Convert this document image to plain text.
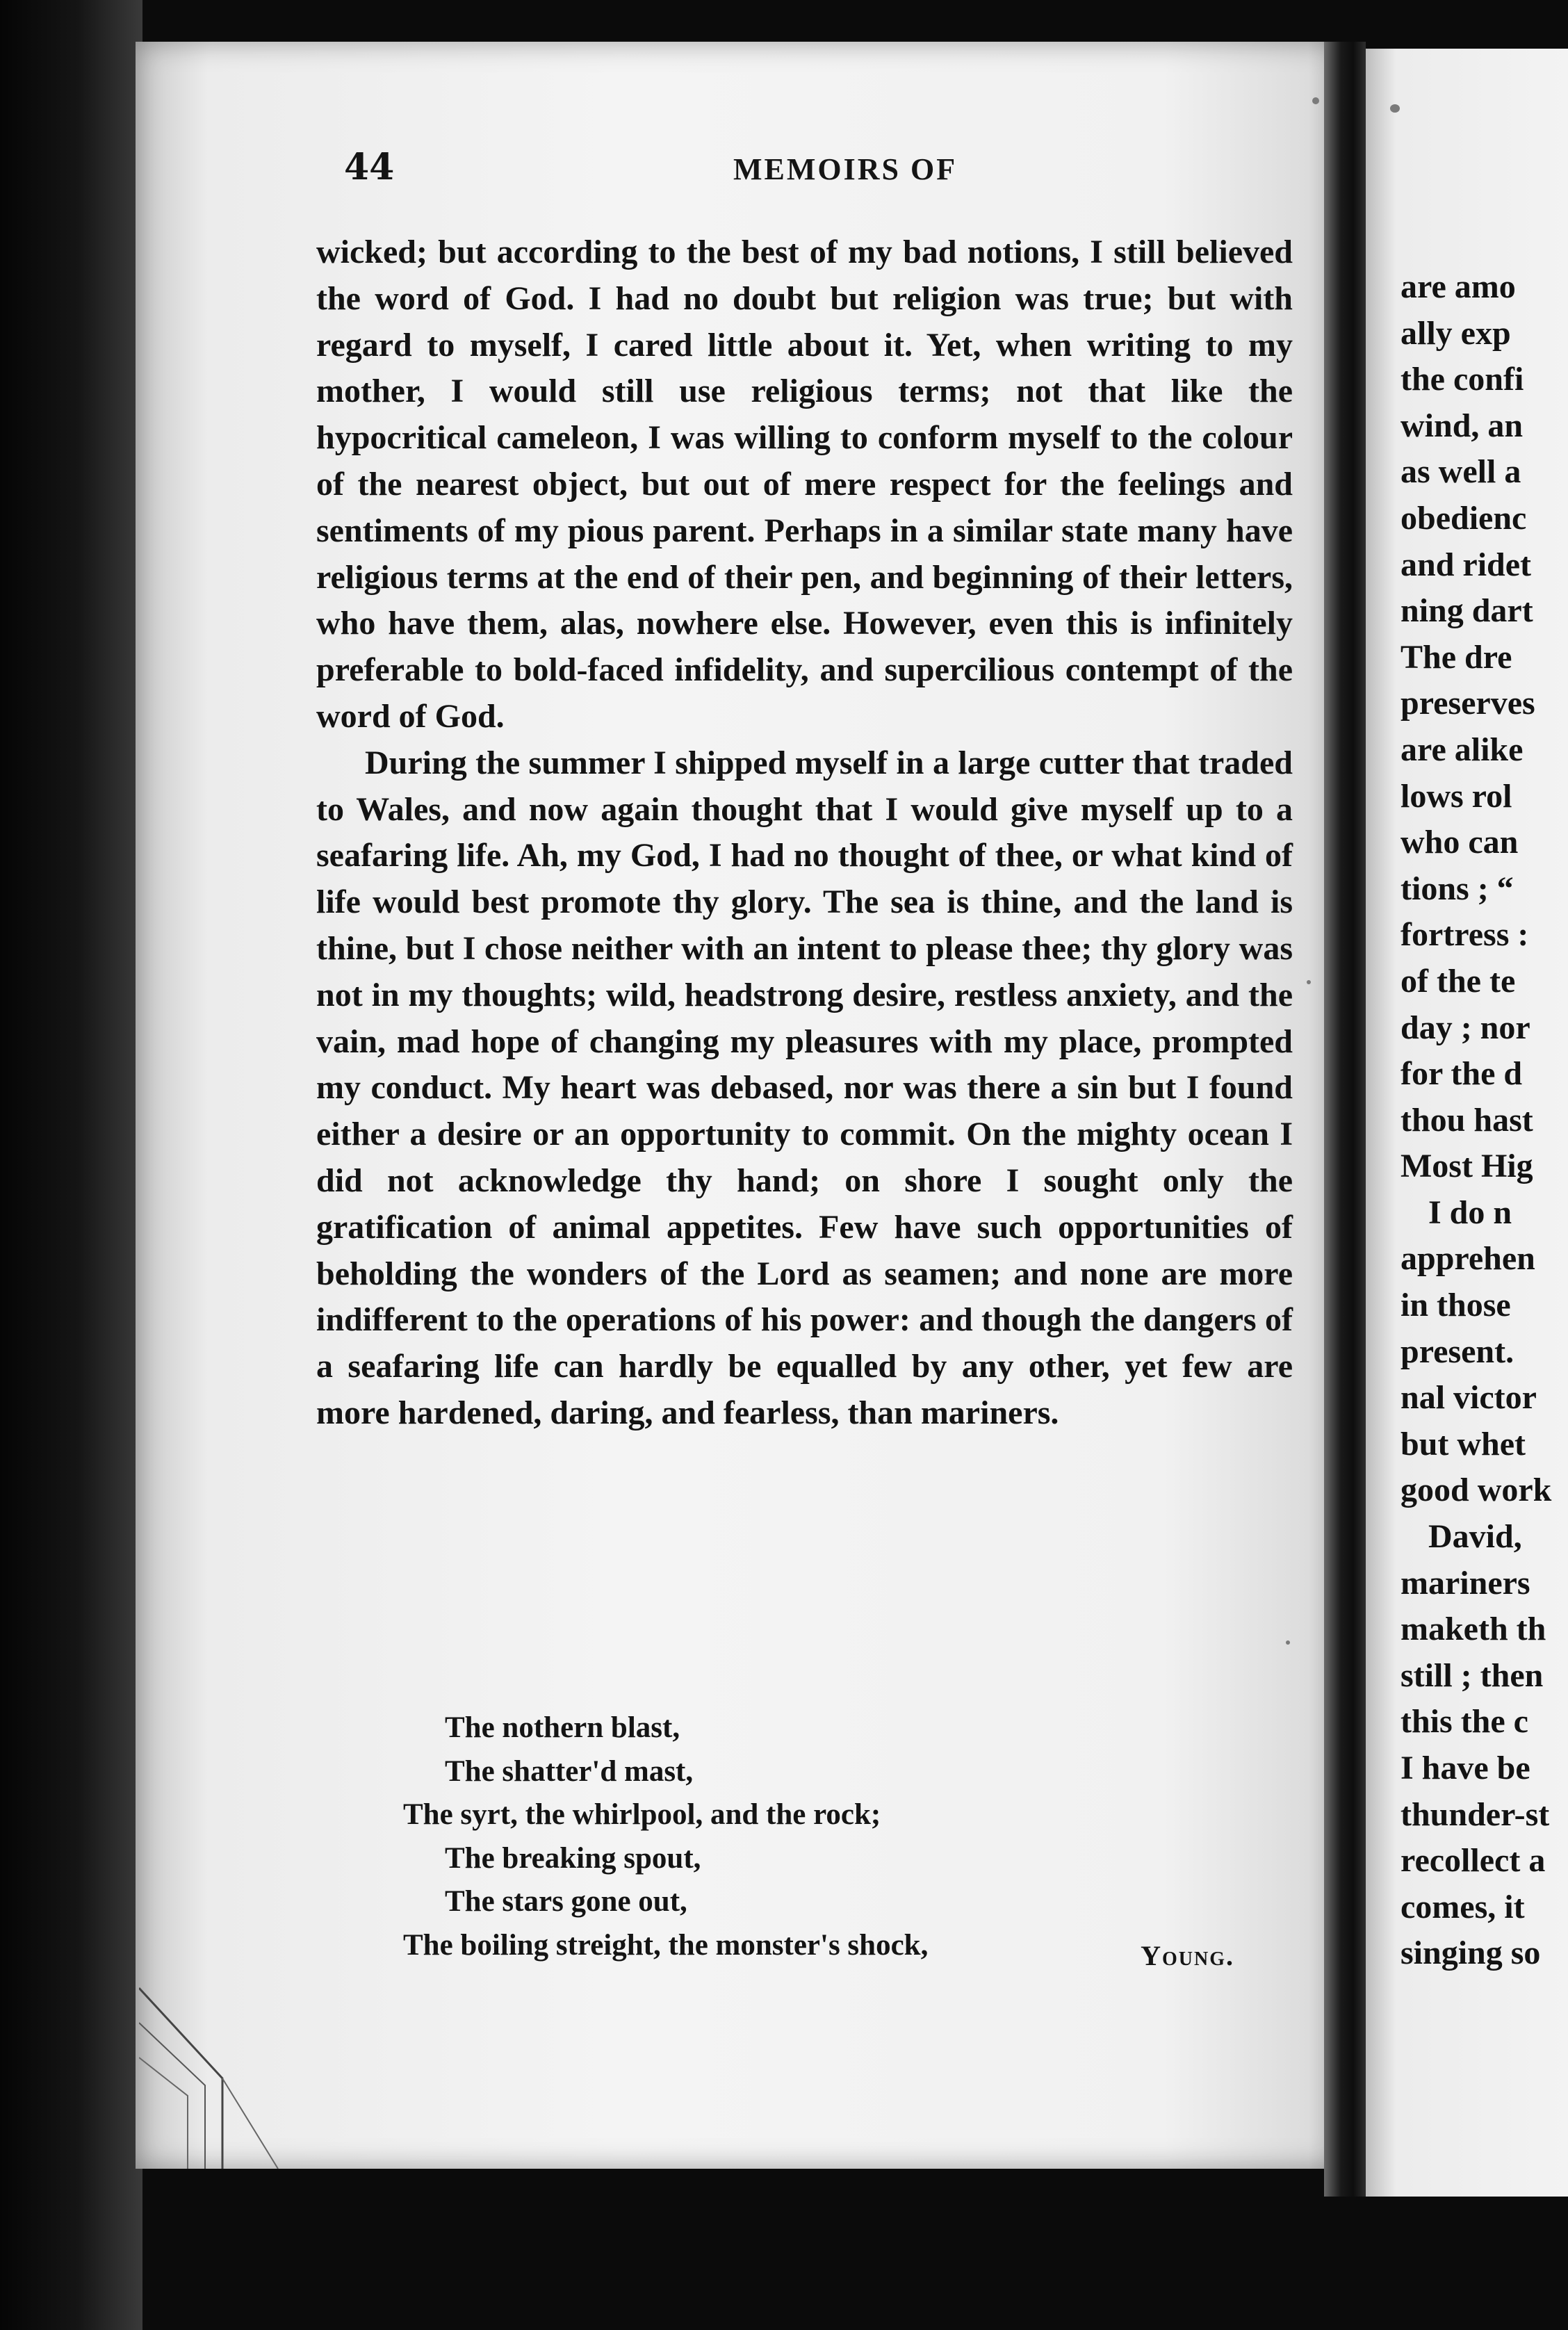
44	MEMOIRS OF

wicked; but according to the best of my bad notions, I still believed the word of God. I had no doubt but religion was true; but with regard to myself, I cared little about it. Yet, when writing to my mother, I would still use religious terms; not that like the hypocritical cameleon, I was willing to conform myself to the colour of the nearest object, but out of mere respect for the feelings and sentiments of my pious parent. Perhaps in a similar state many have religious terms at the end of their pen, and beginning of their letters, who have them, alas, nowhere else. However, even this is infinitely preferable to bold-faced infidelity, and supercilious contempt of the word of God.

During the summer I shipped myself in a large cutter that traded to Wales, and now again thought that I would give myself up to a seafaring life. Ah, my God, I had no thought of thee, or what kind of life would best promote thy glory. The sea is thine, and the land is thine, but I chose neither with an intent to please thee; thy glory was not in my thoughts; wild, headstrong desire, restless anxiety, and the vain, mad hope of changing my pleasures with my place, prompted my conduct. My heart was debased, nor was there a sin but I found either a desire or an opportunity to commit. On the mighty ocean I did not acknowledge thy hand; on shore I sought only the gratification of animal appetites. Few have such opportunities of beholding the wonders of the Lord as seamen; and none are more indifferent to the operations of his power: and though the dangers of a seafaring life can hardly be equalled by any other, yet few are more hardened, daring, and fearless, than mariners.

The nothern blast,
The shatter'd mast,
The syrt, the whirlpool, and the rock;
The breaking spout,
The stars gone out,
The boiling streight, the monster's shock,	Young.
are amo
ally exp
the confi
wind, an
as well a
obedienc
and ridet
ning dart
The dre
preserves
are alike
lows rol
who can
tions ; “
fortress :
of the te
day ; nor
for the d
thou hast
Most Hig
I do n
apprehen
in those
present.
nal victor
but whet
good work
David,
mariners
maketh th
still ; then
this the c
I have be
thunder-st
recollect a
comes, it
singing so
